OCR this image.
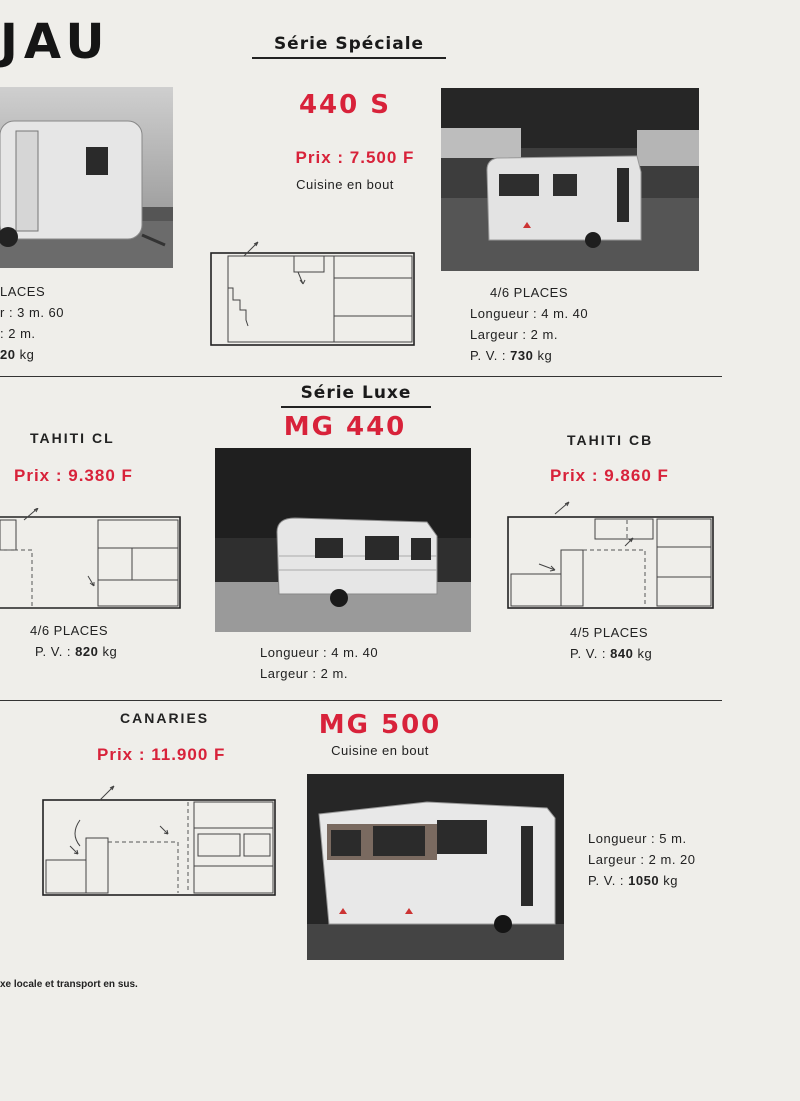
JAU	Série Spéciale
LACES
r : 3 m. 60
: 2 m.
20 kg
440 S
Prix : 7.500 F
Cuisine en bout
4/6 PLACES
Longueur : 4 m. 40
Largeur : 2 m.
P. V. : 730 kg
Série Luxe
TAHITI CL
Prix : 9.380 F
4/6 PLACES
P. V. : 820 kg
MG 440
Longueur : 4 m. 40
Largeur : 2 m.
TAHITI CB
Prix : 9.860 F
4/5 PLACES
P. V. : 840 kg
CANARIES
Prix : 11.900 F
MG 500
Cuisine en bout
Longueur : 5 m.
Largeur : 2 m. 20
P. V. : 1050 kg
xe locale et transport en sus.
